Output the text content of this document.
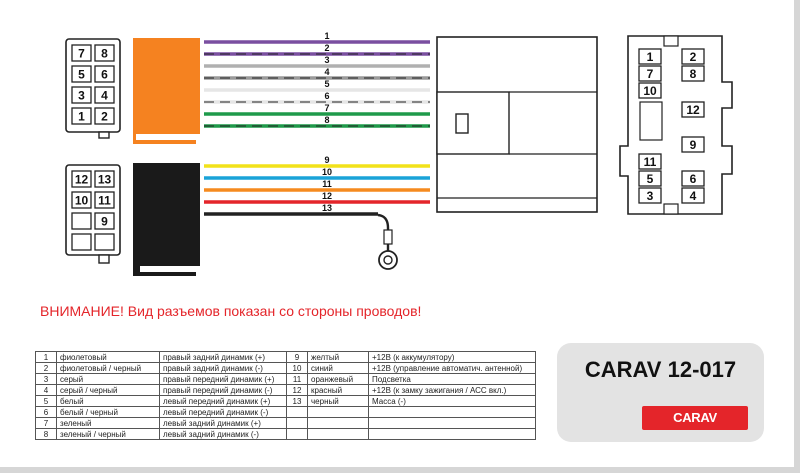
7 8
5 6
3 4
1 2
12 13
10 11
9
1
2
3
4
5
6
7
8
9
10
11
12
13
1
7
10
11
5
3
2
8
12
9
6
4
ВНИМАНИЕ! Вид разъемов показан со стороны проводов!
1	фиолетовый	правый задний динамик (+)	9	желтый	+12В (к аккумулятору)
2	фиолетовый / черный	правый задний динамик (-)	10	синий	+12В (управление автоматич. антенной)
3	серый	правый передний динамик (+)	11	оранжевый	Подсветка
4	серый / черный	правый передний динамик (-)	12	красный	+12В (к замку зажигания / АСС вкл.)
5	белый	левый передний динамик (+)	13	черный	Масса (-)
6	белый / черный	левый передний динамик (-)			
7	зеленый	левый задний динамик (+)			
8	зеленый / черный	левый задний динамик (-)			
CARAV 12-017
CARAV
